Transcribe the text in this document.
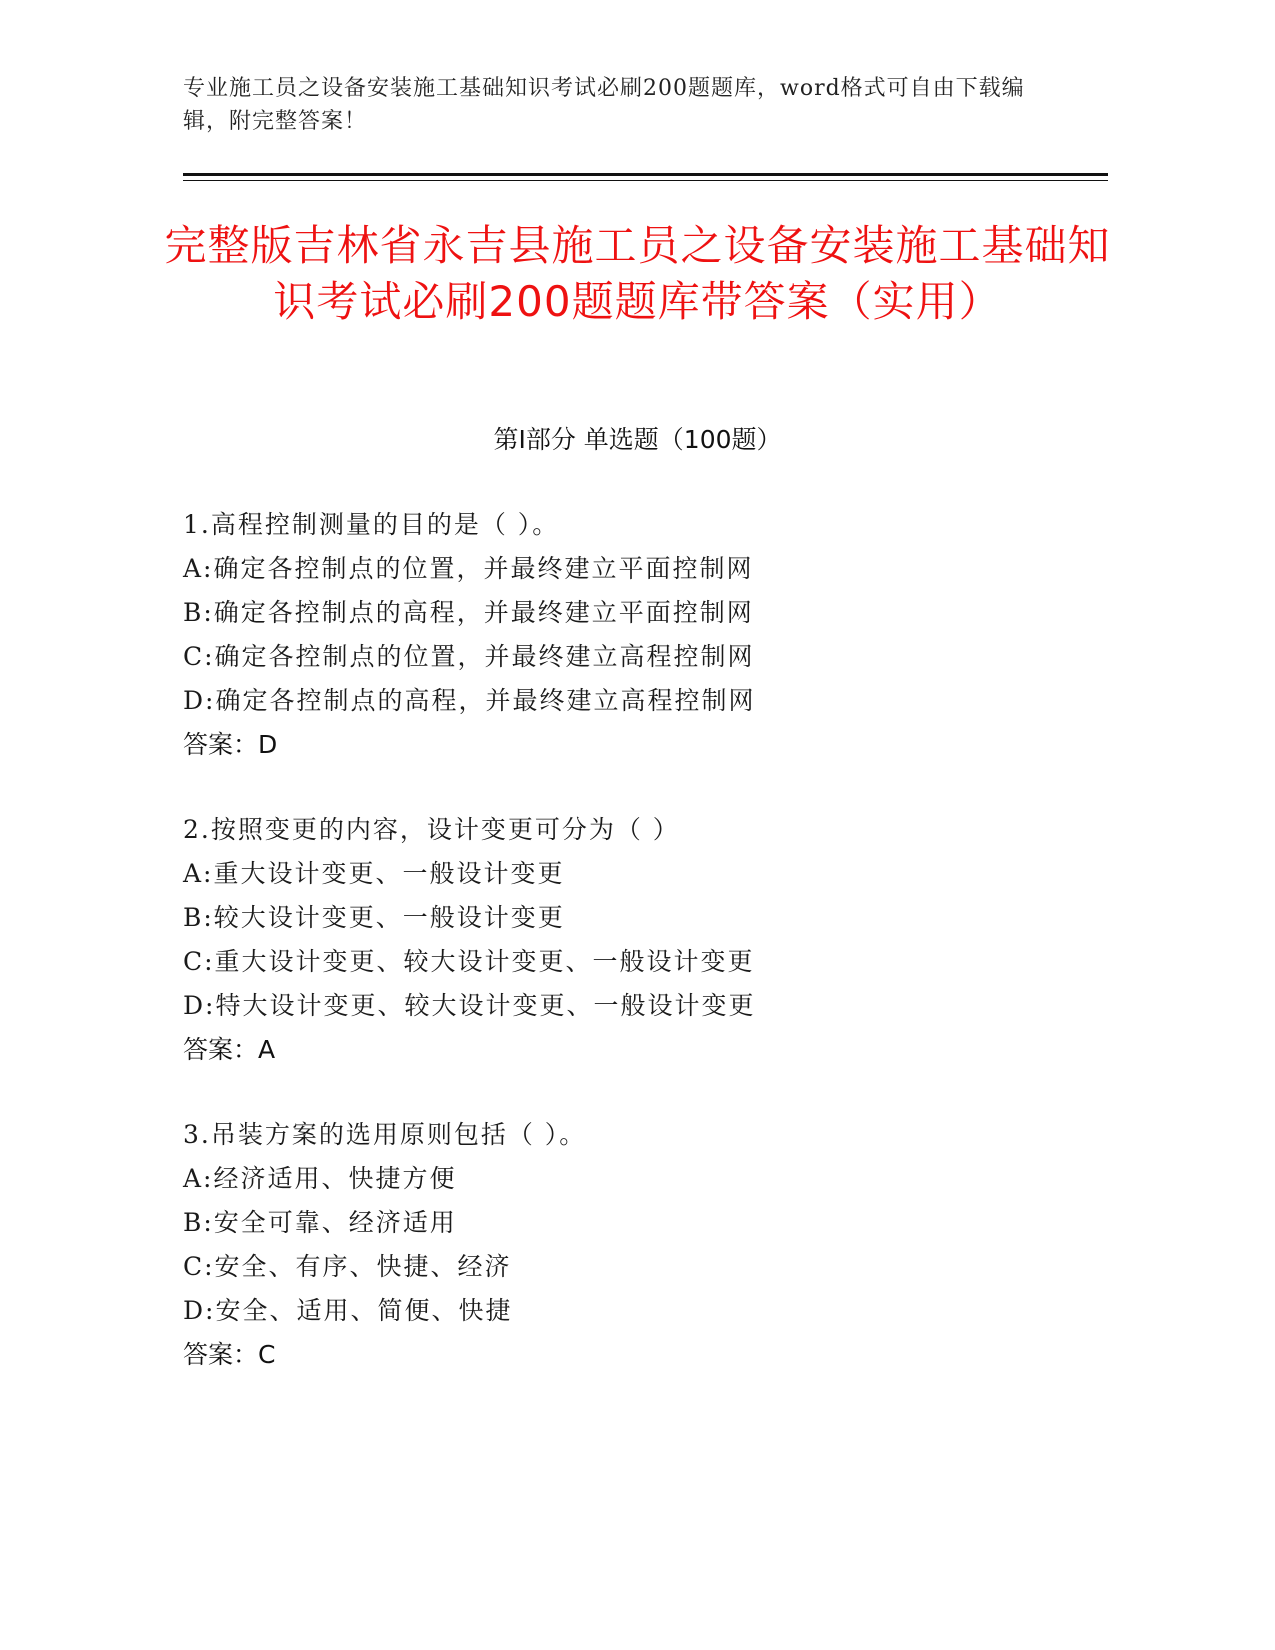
专业施工员之设备安装施工基础知识考试必刷200题题库，word格式可自由下载编辑，附完整答案！
完整版吉林省永吉县施工员之设备安装施工基础知识考试必刷200题题库带答案（实用）
第Ⅰ部分 单选题（100题）
1.高程控制测量的目的是（ ）。
A:确定各控制点的位置，并最终建立平面控制网
B:确定各控制点的高程，并最终建立平面控制网
C:确定各控制点的位置，并最终建立高程控制网
D:确定各控制点的高程，并最终建立高程控制网
答案：D
2.按照变更的内容，设计变更可分为（ ）
A:重大设计变更、一般设计变更
B:较大设计变更、一般设计变更
C:重大设计变更、较大设计变更、一般设计变更
D:特大设计变更、较大设计变更、一般设计变更
答案：A
3.吊装方案的选用原则包括（ ）。
A:经济适用、快捷方便
B:安全可靠、经济适用
C:安全、有序、快捷、经济
D:安全、适用、简便、快捷
答案：C
